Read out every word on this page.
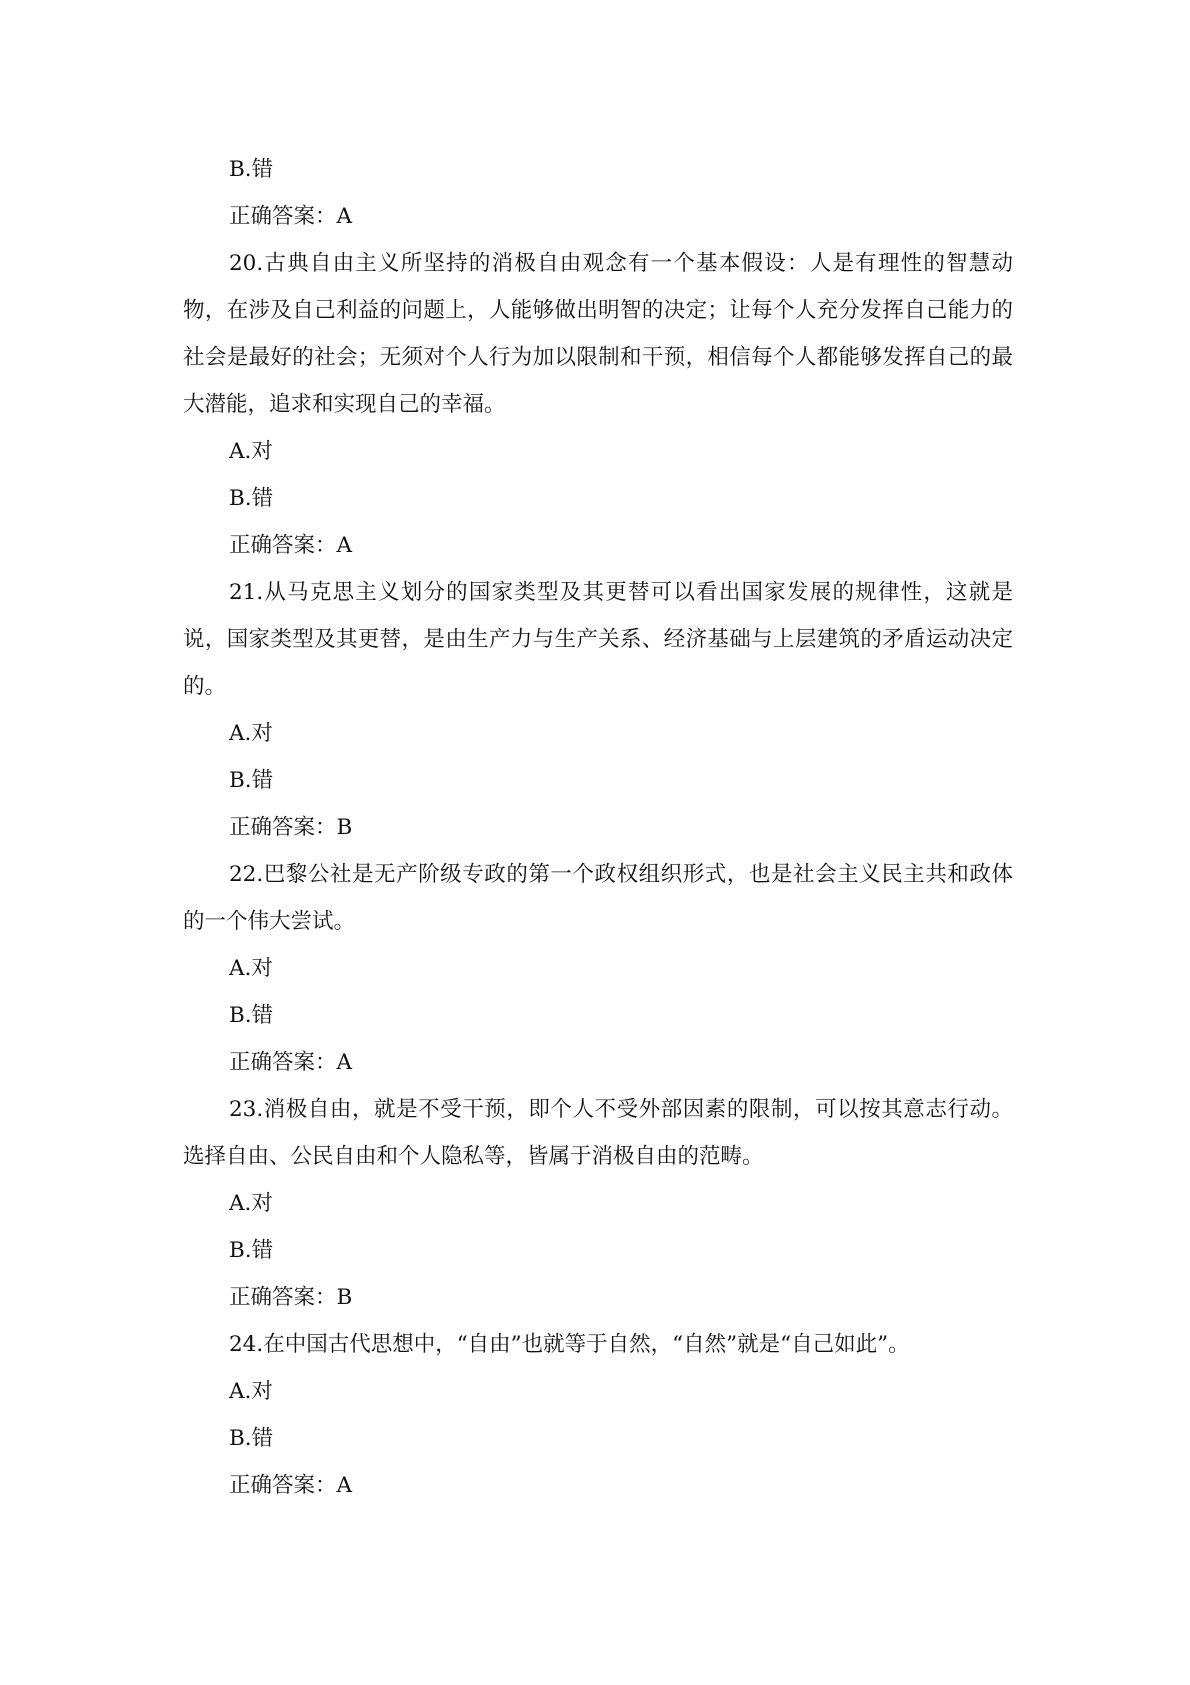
B.错
正确答案：A
20.古典自由主义所坚持的消极自由观念有一个基本假设：人是有理性的智慧动物，在涉及自己利益的问题上，人能够做出明智的决定；让每个人充分发挥自己能力的社会是最好的社会；无须对个人行为加以限制和干预，相信每个人都能够发挥自己的最大潜能，追求和实现自己的幸福。
A.对
B.错
正确答案：A
21.从马克思主义划分的国家类型及其更替可以看出国家发展的规律性，这就是说，国家类型及其更替，是由生产力与生产关系、经济基础与上层建筑的矛盾运动决定的。
A.对
B.错
正确答案：B
22.巴黎公社是无产阶级专政的第一个政权组织形式，也是社会主义民主共和政体的一个伟大尝试。
A.对
B.错
正确答案：A
23.消极自由，就是不受干预，即个人不受外部因素的限制，可以按其意志行动。选择自由、公民自由和个人隐私等，皆属于消极自由的范畴。
A.对
B.错
正确答案：B
24.在中国古代思想中，“自由”也就等于自然，“自然”就是“自己如此”。
A.对
B.错
正确答案：A
